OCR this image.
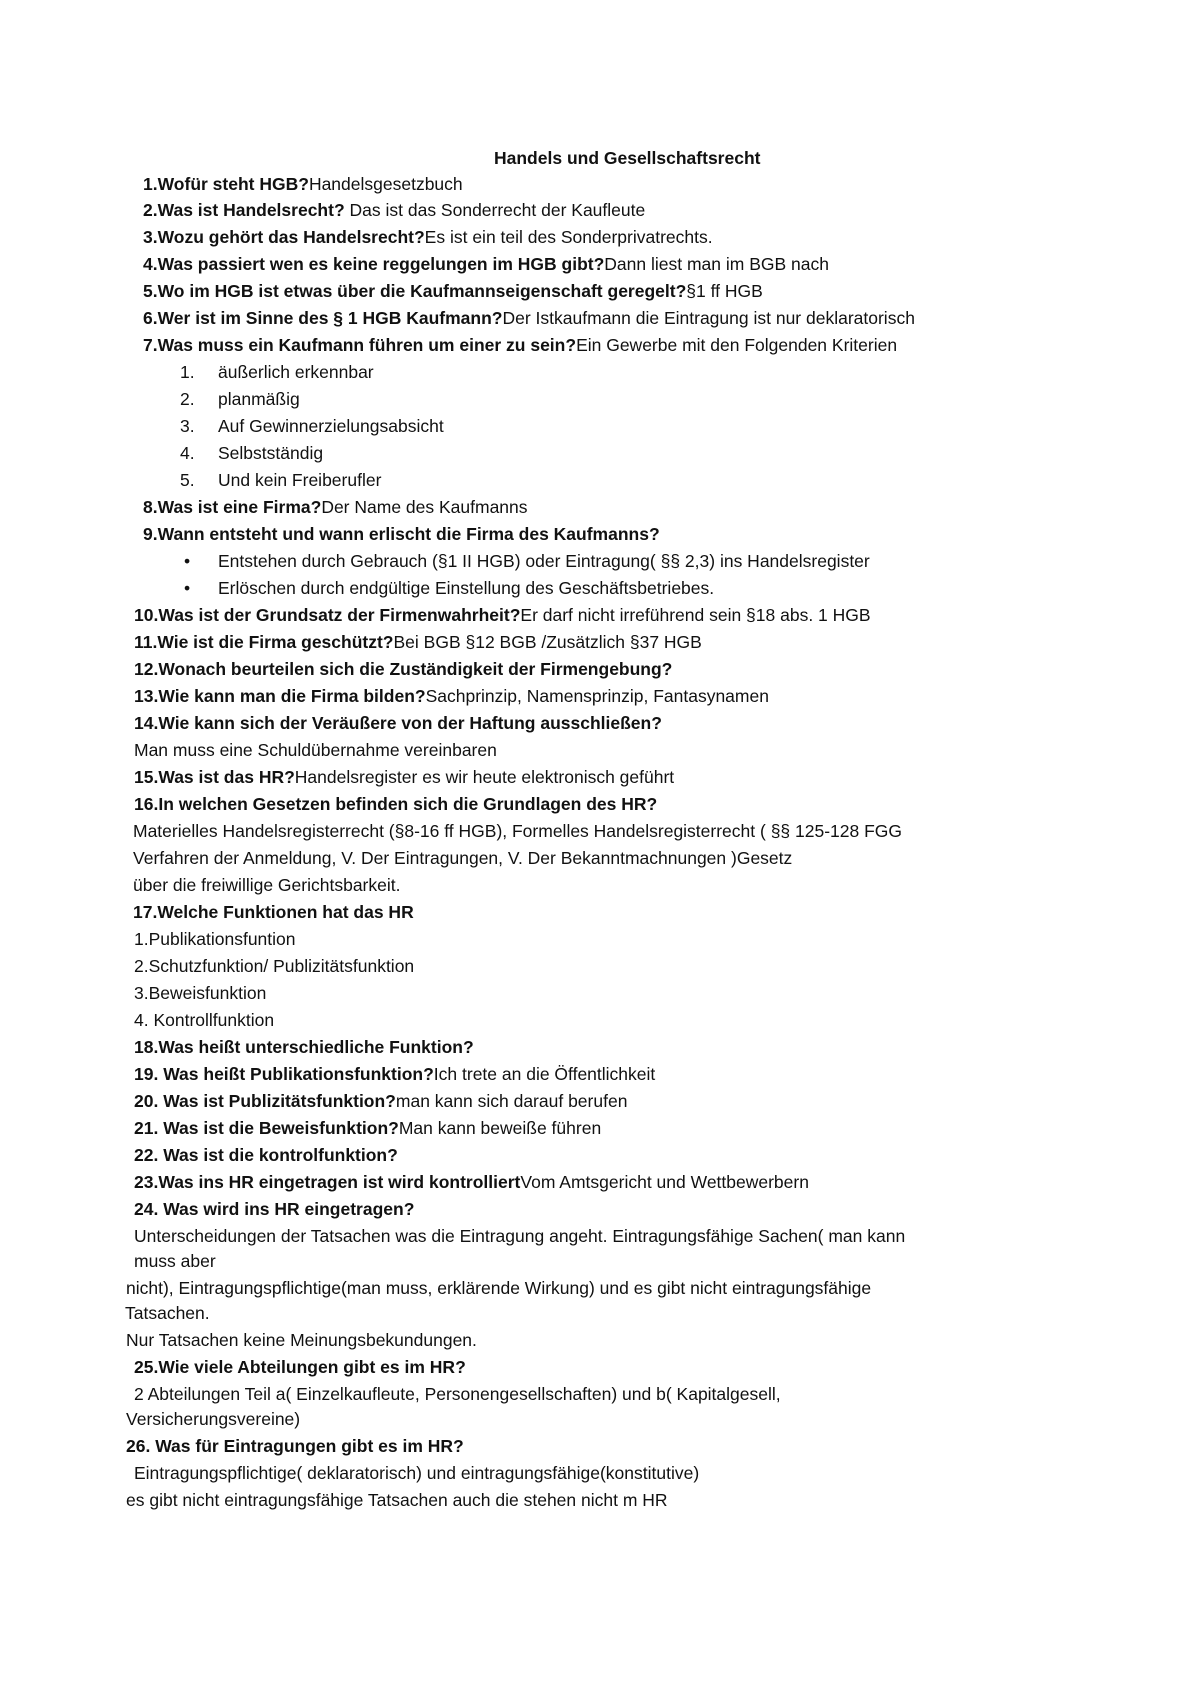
Handels und Gesellschaftsrecht
1.Wofür steht HGB?Handelsgesetzbuch
2.Was ist Handelsrecht? Das ist das Sonderrecht der Kaufleute
3.Wozu gehört das Handelsrecht?Es ist ein teil des Sonderprivatrechts.
4.Was passiert wen es keine reggelungen im HGB gibt?Dann liest man im BGB nach
5.Wo im HGB ist etwas über die Kaufmannseigenschaft geregelt?§1 ff HGB
6.Wer ist im Sinne des § 1 HGB Kaufmann?Der Istkaufmann die Eintragung ist nur deklaratorisch
7.Was muss ein Kaufmann führen um einer zu sein?Ein Gewerbe mit den Folgenden Kriterien
1. äußerlich erkennbar
2. planmäßig
3. Auf Gewinnerzielungsabsicht
4. Selbstständig
5. Und kein Freiberufler
8.Was ist eine Firma?Der Name des Kaufmanns
9.Wann entsteht und wann erlischt die Firma des Kaufmanns?
• Entstehen durch Gebrauch (§1 II HGB) oder Eintragung( §§ 2,3) ins Handelsregister
• Erlöschen durch endgültige Einstellung des Geschäftsbetriebes.
10.Was ist der Grundsatz der Firmenwahrheit?Er darf nicht irreführend sein §18 abs. 1 HGB
11.Wie ist die Firma geschützt?Bei BGB §12 BGB /Zusätzlich §37 HGB
12.Wonach beurteilen sich die Zuständigkeit der Firmengebung?
13.Wie kann man die Firma bilden?Sachprinzip, Namensprinzip, Fantasynamen
14.Wie kann sich der Veräußere von der Haftung ausschließen?
Man muss eine Schuldübernahme vereinbaren
15.Was ist das HR?Handelsregister es wir heute elektronisch geführt
16.In welchen Gesetzen befinden sich die Grundlagen des HR?
Materielles Handelsregisterrecht (§8-16 ff HGB), Formelles Handelsregisterrecht ( §§ 125-128 FGG
Verfahren der Anmeldung, V. Der Eintragungen, V. Der Bekanntmachnungen )Gesetz
über die freiwillige Gerichtsbarkeit.
17.Welche Funktionen hat das HR
1.Publikationsfuntion
2.Schutzfunktion/ Publizitätsfunktion
3.Beweisfunktion
4. Kontrollfunktion
18.Was heißt unterschiedliche Funktion?
19. Was heißt Publikationsfunktion?Ich trete an die Öffentlichkeit
20. Was ist Publizitätsfunktion?man kann sich darauf berufen
21. Was ist die Beweisfunktion?Man kann beweiße führen
22. Was ist die kontrolfunktion?
23.Was ins HR eingetragen ist wird kontrolliertVom Amtsgericht und Wettbewerbern
24. Was wird ins HR eingetragen?
Unterscheidungen der Tatsachen was die Eintragung angeht. Eintragungsfähige Sachen( man kann
muss aber
nicht), Eintragungspflichtige(man muss, erklärende Wirkung) und es gibt nicht eintragungsfähige
Tatsachen.
Nur Tatsachen keine Meinungsbekundungen.
25.Wie viele Abteilungen gibt es im HR?
2 Abteilungen Teil a( Einzelkaufleute, Personengesellschaften) und b( Kapitalgesell,
Versicherungsvereine)
26. Was für Eintragungen gibt es im HR?
Eintragungspflichtige( deklaratorisch) und eintragungsfähige(konstitutive)
es gibt nicht eintragungsfähige Tatsachen auch die stehen nicht m HR
